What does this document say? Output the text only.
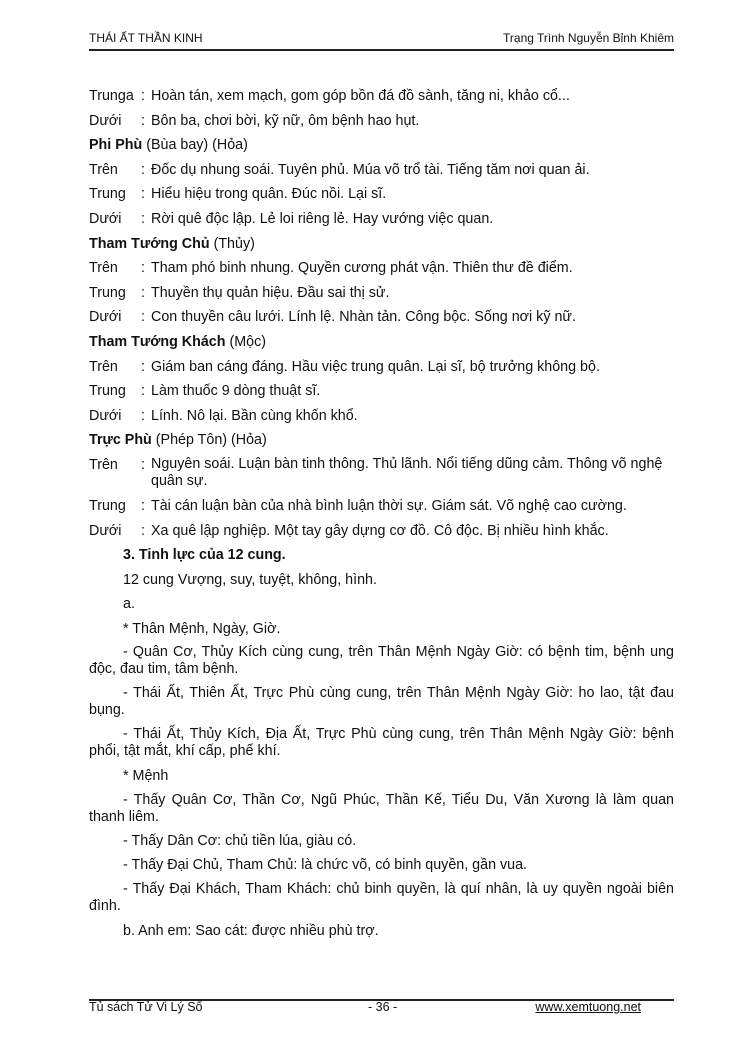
THÁI ẤT THẦN KINH	Trạng Trình Nguyễn Bỉnh Khiêm
Trunga : Hoàn tán, xem mạch, gom góp bồn đá đồ sành, tăng ni, khảo cổ...
Dưới	: Bôn ba, chơi bời, kỹ nữ, ôm bệnh hao hụt.
Phi Phù (Bùa bay) (Hỏa)
Trên	: Đốc dụ nhung soái. Tuyên phủ. Múa võ trổ tài. Tiếng tăm nơi quan ải.
Trung	: Hiểu hiệu trong quân. Đúc nồi. Lại sĩ.
Dưới	: Rời quê độc lập. Lẻ loi riêng lẻ. Hay vướng việc quan.
Tham Tướng Chủ (Thủy)
Trên	: Tham phó binh nhung. Quyền cương phát vận. Thiên thư đề điểm.
Trung	: Thuyền thụ quản hiệu. Đầu sai thị sử.
Dưới	: Con thuyền câu lưới. Lính lệ. Nhàn tản. Công bộc. Sống nơi kỹ nữ.
Tham Tướng Khách (Mộc)
Trên	: Giám ban cáng đáng. Hầu việc trung quân. Lại sĩ, bộ trưởng không bộ.
Trung	: Làm thuốc 9 dòng thuật sĩ.
Dưới	: Lính. Nô lại. Bần cùng khốn khổ.
Trực Phù (Phép Tôn) (Hỏa)
Trên	: Nguyên soái. Luận bàn tinh thông. Thủ lãnh. Nổi tiếng dũng cảm. Thông võ nghệ quân sự.
Trung	: Tài cán luận bàn của nhà bình luận thời sự. Giám sát. Võ nghệ cao cường.
Dưới	: Xa quê lập nghiệp. Một tay gây dựng cơ đồ. Cô độc. Bị nhiều hình khắc.
3. Tinh lực của 12 cung.
12 cung Vượng, suy, tuyệt, không, hình.
a.
* Thân Mệnh, Ngày, Giờ.
- Quân Cơ, Thủy Kích cùng cung, trên Thân Mệnh Ngày Giờ: có bệnh tim, bệnh ung độc, đau tim, tâm bệnh.
- Thái Ất, Thiên Ất, Trực Phù cùng cung, trên Thân Mệnh Ngày Giờ: ho lao, tật đau bụng.
- Thái Ất, Thủy Kích, Địa Ất, Trực Phù cùng cung, trên Thân Mệnh Ngày Giờ: bệnh phổi, tật mắt, khí cấp, phế khí.
* Mệnh
- Thấy Quân Cơ, Thần Cơ, Ngũ Phúc, Thần Kế, Tiểu Du, Văn Xương là làm quan thanh liêm.
- Thấy Dân Cơ: chủ tiền lúa, giàu có.
- Thấy Đại Chủ, Tham Chủ: là chức võ, có binh quyền, gần vua.
- Thấy Đại Khách, Tham Khách: chủ binh quyền, là quí nhân, là uy quyền ngoài biên đình.
b. Anh em: Sao cát: được nhiều phù trợ.
Tủ sách Tử Vi Lý Số	- 36 -	www.xemtuong.net
